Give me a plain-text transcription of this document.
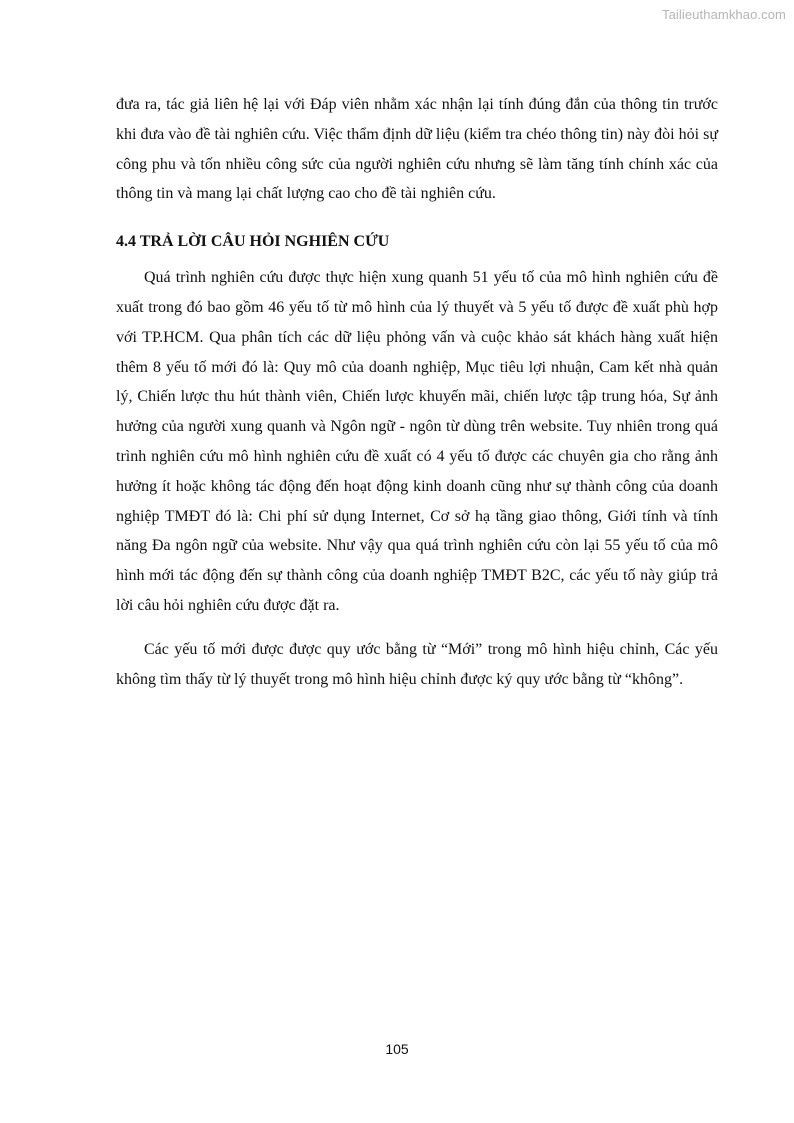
Tailieuthamkhao.com

đưa ra, tác giả liên hệ lại với Đáp viên nhằm xác nhận lại tính đúng đắn của thông tin trước khi đưa vào đề tài nghiên cứu. Việc thẩm định dữ liệu (kiểm tra chéo thông tin) này đòi hỏi sự công phu và tốn nhiều công sức của người nghiên cứu nhưng sẽ làm tăng tính chính xác của thông tin và mang lại chất lượng cao cho đề tài nghiên cứu.

4.4 TRẢ LỜI CÂU HỎI NGHIÊN CỨU

Quá trình nghiên cứu được thực hiện xung quanh 51 yếu tố của mô hình nghiên cứu đề xuất trong đó bao gồm 46 yếu tố từ mô hình của lý thuyết và 5 yếu tố được đề xuất phù hợp với TP.HCM. Qua phân tích các dữ liệu phỏng vấn và cuộc khảo sát khách hàng xuất hiện thêm 8 yếu tố mới đó là: Quy mô của doanh nghiệp, Mục tiêu lợi nhuận, Cam kết nhà quản lý, Chiến lược thu hút thành viên, Chiến lược khuyến mãi, chiến lược tập trung hóa, Sự ảnh hưởng của người xung quanh và Ngôn ngữ - ngôn từ dùng trên website. Tuy nhiên trong quá trình nghiên cứu mô hình nghiên cứu đề xuất có 4 yếu tố được các chuyên gia cho rằng ảnh hưởng ít hoặc không tác động đến hoạt động kinh doanh cũng như sự thành công của doanh nghiệp TMĐT đó là: Chi phí sử dụng Internet, Cơ sở hạ tầng giao thông, Giới tính và tính năng Đa ngôn ngữ của website. Như vậy qua quá trình nghiên cứu còn lại 55 yếu tố của mô hình mới tác động đến sự thành công của doanh nghiệp TMĐT B2C, các yếu tố này giúp trả lời câu hỏi nghiên cứu được đặt ra.

Các yếu tố mới được được quy ước bằng từ “Mới” trong mô hình hiệu chỉnh, Các yếu không tìm thấy từ lý thuyết trong mô hình hiệu chỉnh được ký quy ước bằng từ “không”.

105
